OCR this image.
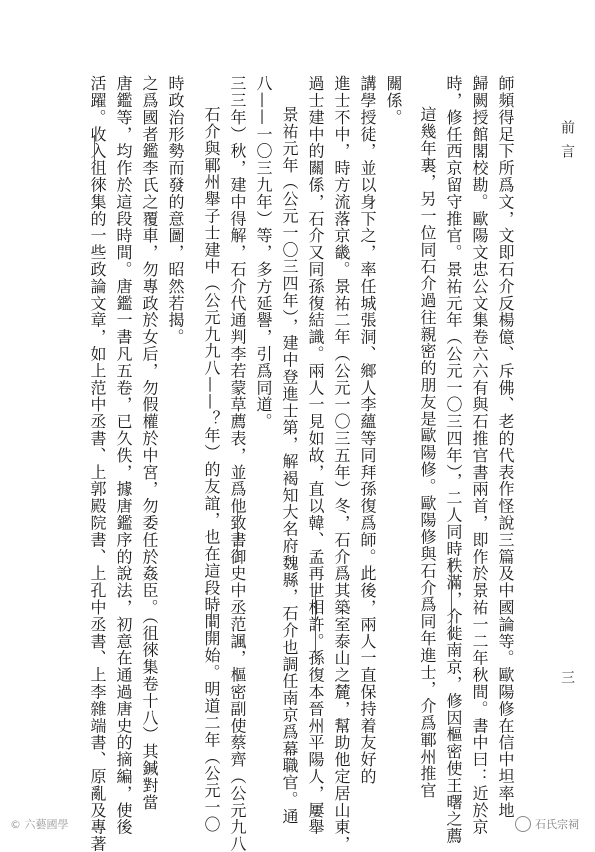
活躍。收入徂徠集的一些政論文章，如上范中丞書、上郭殿院書、上孔中丞書、上李雜端書、原亂及專著 唐鑑等，均作於這段時間。唐鑑一書凡五卷，已久佚，據唐鑑序的說法，初意在通過唐史的摘編，使後 之爲國者鑑李氏之覆車，勿專政於女后，勿假權於中宮，勿委任於姦臣。（徂徠集卷十八）其鍼對當 時政治形勢而發的意圖，昭然若揭。 石介與鄆州舉子士建中（公元九九八——？年）的友誼，也在這段時間開始。明道二年（公元一〇 三三年）秋，建中得解，石介代通判李若蒙草薦表，並爲他致書御史中丞范諷，樞密副使蔡齊（公元九八 八——一〇三九年）等，多方延譽，引爲同道。 景祐元年（公元一〇三四年），建中登進士第，解褐知大名府魏縣，石介也調任南京爲幕職官。通 過士建中的關係，石介又同孫復結識。兩人一見如故，直以韓、孟再世相許。孫復本晉州平陽人，屢舉 進士不中，時方流落京畿。景祐二年（公元一〇三五年）冬，石介爲其築室泰山之麓，幫助他定居山東， 講學授徒，並以身下之，率任城張洞、鄉人李蘊等同拜孫復爲師。此後，兩人一直保持着友好的 關係。
這幾年裏，另一位同石介過往親密的朋友是歐陽修。歐陽修與石介爲同年進士，介爲鄆州推官 時，修任西京留守推官。景祐元年（公元一〇三四年），二人同時秩滿，介徙南京，修因樞密使王曙之薦 歸闕授館閣校勘。歐陽文忠公文集卷六六有與石推官書兩首，即作於景祐一二年秋間。書中曰：近於京 師頻得足下所爲文，文即石介反楊億、斥佛、老的代表作怪說三篇及中國論等。歐陽修在信中坦率地	前言
三
© 六藝國學	石氏宗祠
